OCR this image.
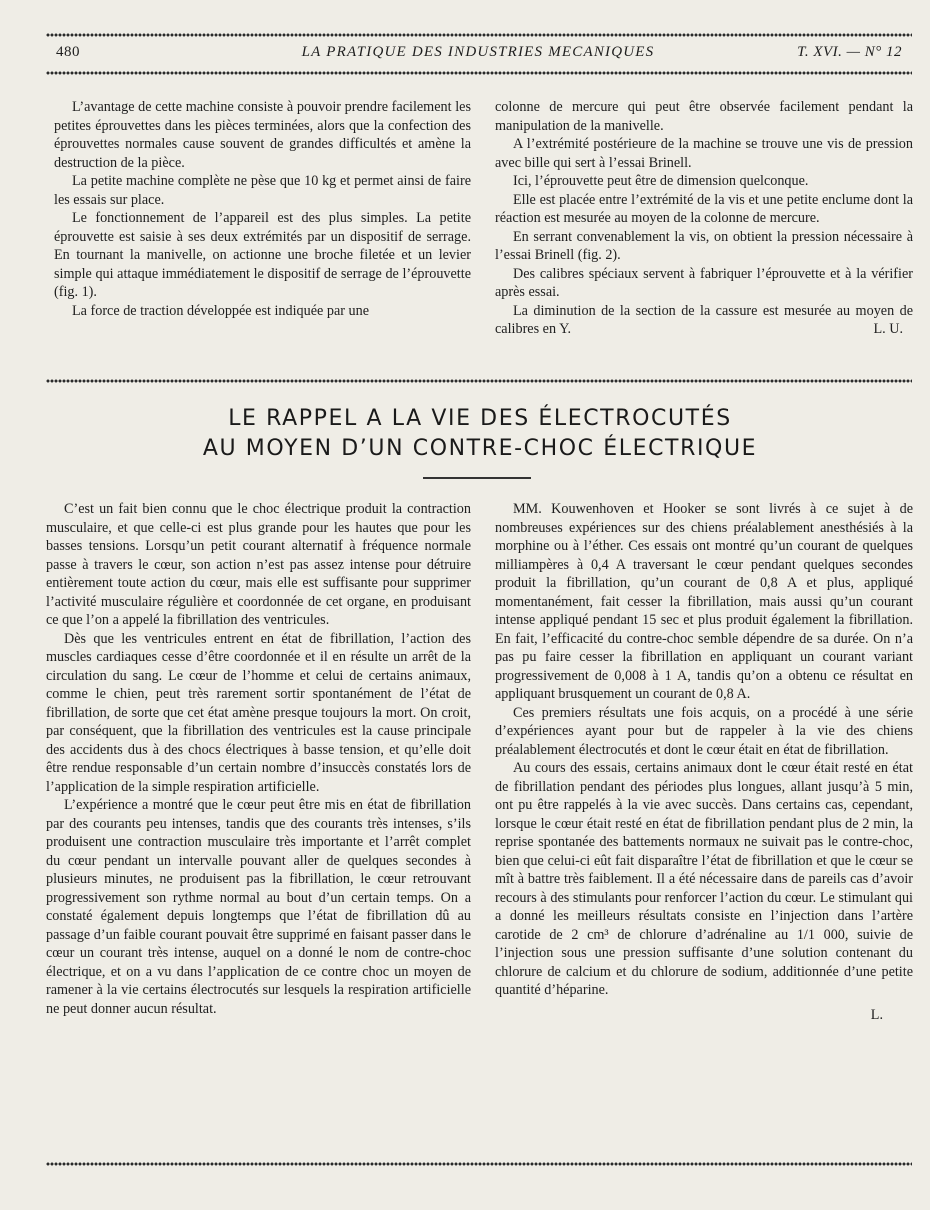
480	LA PRATIQUE DES INDUSTRIES MECANIQUES	T. XVI. — N° 12

L’avantage de cette machine consiste à pouvoir prendre facilement les petites éprouvettes dans les pièces terminées, alors que la confection des éprouvettes normales cause souvent de grandes difficultés et amène la destruction de la pièce.

La petite machine complète ne pèse que 10 kg et permet ainsi de faire les essais sur place.

Le fonctionnement de l’appareil est des plus simples. La petite éprouvette est saisie à ses deux extrémités par un dispositif de serrage. En tournant la manivelle, on actionne une broche filetée et un levier simple qui attaque immédiatement le dispositif de serrage de l’éprouvette (fig. 1).

La force de traction développée est indiquée par une

colonne de mercure qui peut être observée facilement pendant la manipulation de la manivelle.

A l’extrémité postérieure de la machine se trouve une vis de pression avec bille qui sert à l’essai Brinell.

Ici, l’éprouvette peut être de dimension quelconque.

Elle est placée entre l’extrémité de la vis et une petite enclume dont la réaction est mesurée au moyen de la colonne de mercure.

En serrant convenablement la vis, on obtient la pression nécessaire à l’essai Brinell (fig. 2).

Des calibres spéciaux servent à fabriquer l’éprouvette et à la vérifier après essai.

La diminution de la section de la cassure est mesurée au moyen de calibres en Y.	L. U.

LE RAPPEL A LA VIE DES ÉLECTROCUTÉS
AU MOYEN D’UN CONTRE-CHOC ÉLECTRIQUE

C’est un fait bien connu que le choc électrique produit la contraction musculaire, et que celle-ci est plus grande pour les hautes que pour les basses tensions. Lorsqu’un petit courant alternatif à fréquence normale passe à travers le cœur, son action n’est pas assez intense pour détruire entièrement toute action du cœur, mais elle est suffisante pour supprimer l’activité musculaire régulière et coordonnée de cet organe, en produisant ce que l’on a appelé la fibrillation des ventricules.

Dès que les ventricules entrent en état de fibrillation, l’action des muscles cardiaques cesse d’être coordonnée et il en résulte un arrêt de la circulation du sang. Le cœur de l’homme et celui de certains animaux, comme le chien, peut très rarement sortir spontanément de l’état de fibrillation, de sorte que cet état amène presque toujours la mort. On croit, par conséquent, que la fibrillation des ventricules est la cause principale des accidents dus à des chocs électriques à basse tension, et qu’elle doit être rendue responsable d’un certain nombre d’insuccès constatés lors de l’application de la simple respiration artificielle.

L’expérience a montré que le cœur peut être mis en état de fibrillation par des courants peu intenses, tandis que des courants très intenses, s’ils produisent une contraction musculaire très importante et l’arrêt complet du cœur pendant un intervalle pouvant aller de quelques secondes à plusieurs minutes, ne produisent pas la fibrillation, le cœur retrouvant progressivement son rythme normal au bout d’un certain temps. On a constaté également depuis longtemps que l’état de fibrillation dû au passage d’un faible courant pouvait être supprimé en faisant passer dans le cœur un courant très intense, auquel on a donné le nom de contre-choc électrique, et on a vu dans l’application de ce contre choc un moyen de ramener à la vie certains électrocutés sur lesquels la respiration artificielle ne peut donner aucun résultat.

MM. Kouwenhoven et Hooker se sont livrés à ce sujet à de nombreuses expériences sur des chiens préalablement anesthésiés à la morphine ou à l’éther. Ces essais ont montré qu’un courant de quelques milliampères à 0,4 A traversant le cœur pendant quelques secondes produit la fibrillation, qu’un courant de 0,8 A et plus, appliqué momentanément, fait cesser la fibrillation, mais aussi qu’un courant intense appliqué pendant 15 sec et plus produit également la fibrillation. En fait, l’efficacité du contre-choc semble dépendre de sa durée. On n’a pas pu faire cesser la fibrillation en appliquant un courant variant progressivement de 0,008 à 1 A, tandis qu’on a obtenu ce résultat en appliquant brusquement un courant de 0,8 A.

Ces premiers résultats une fois acquis, on a procédé à une série d’expériences ayant pour but de rappeler à la vie des chiens préalablement électrocutés et dont le cœur était en état de fibrillation.

Au cours des essais, certains animaux dont le cœur était resté en état de fibrillation pendant des périodes plus longues, allant jusqu’à 5 min, ont pu être rappelés à la vie avec succès. Dans certains cas, cependant, lorsque le cœur était resté en état de fibrillation pendant plus de 2 min, la reprise spontanée des battements normaux ne suivait pas le contre-choc, bien que celui-ci eût fait disparaître l’état de fibrillation et que le cœur se mît à battre très faiblement. Il a été nécessaire dans de pareils cas d’avoir recours à des stimulants pour renforcer l’action du cœur. Le stimulant qui a donné les meilleurs résultats consiste en l’injection dans l’artère carotide de 2 cm³ de chlorure d’adrénaline au 1/1 000, suivie de l’injection sous une pression suffisante d’une solution contenant du chlorure de calcium et du chlorure de sodium, additionnée d’une petite quantité d’héparine.

L.
